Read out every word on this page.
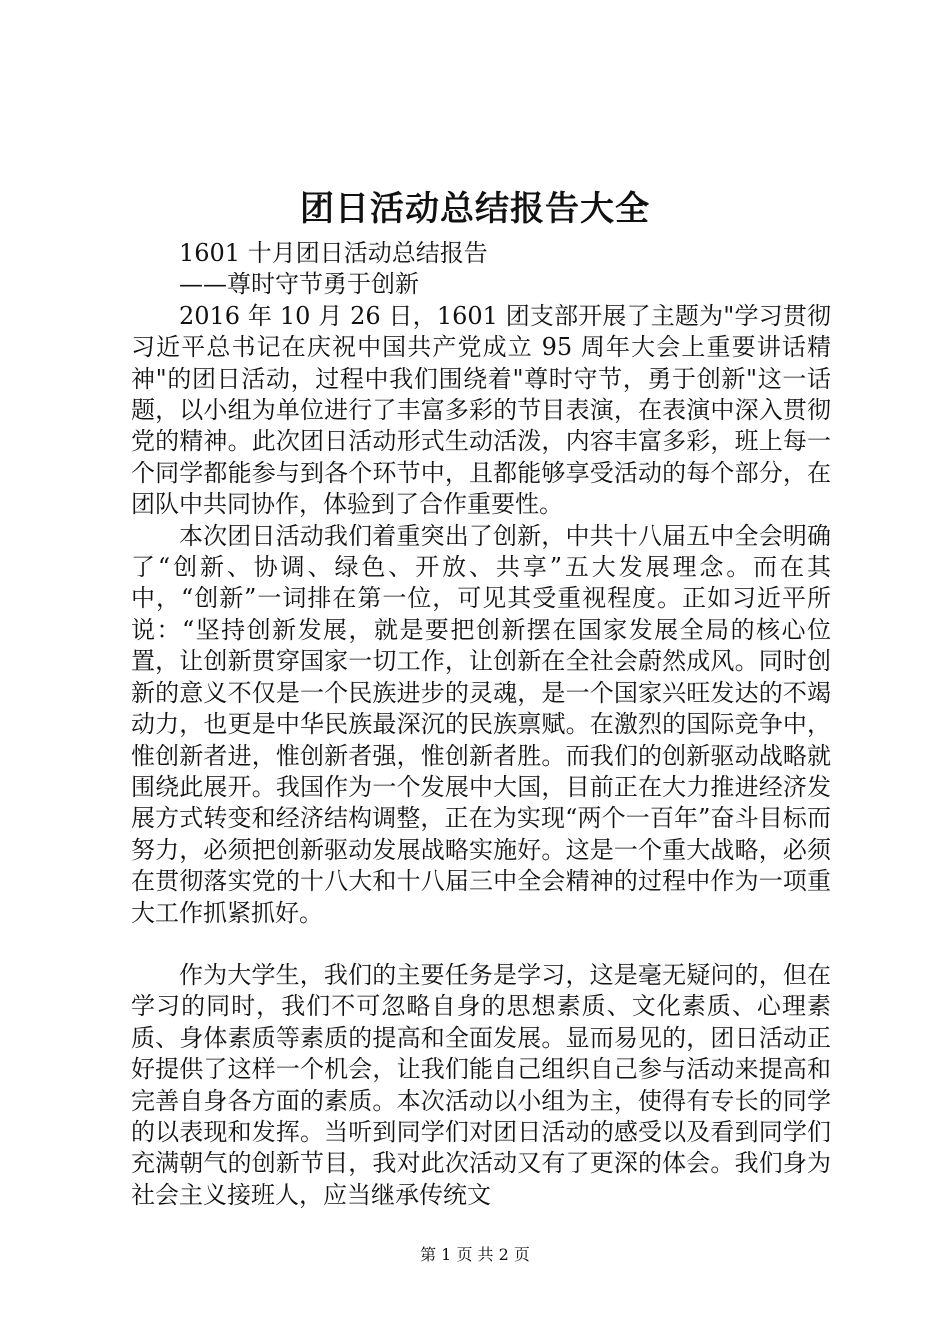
团日活动总结报告大全

1601 十月团日活动总结报告

——尊时守节勇于创新

2016 年 10 月 26 日，1601 团支部开展了主题为"学习贯彻习近平总书记在庆祝中国共产党成立 95 周年大会上重要讲话精神"的团日活动，过程中我们围绕着"尊时守节，勇于创新"这一话题，以小组为单位进行了丰富多彩的节目表演，在表演中深入贯彻党的精神。此次团日活动形式生动活泼，内容丰富多彩，班上每一个同学都能参与到各个环节中，且都能够享受活动的每个部分，在团队中共同协作，体验到了合作重要性。

本次团日活动我们着重突出了创新，中共十八届五中全会明确了“创新、协调、绿色、开放、共享”五大发展理念。而在其中，“创新”一词排在第一位，可见其受重视程度。正如习近平所说：“坚持创新发展，就是要把创新摆在国家发展全局的核心位置，让创新贯穿国家一切工作，让创新在全社会蔚然成风。同时创新的意义不仅是一个民族进步的灵魂，是一个国家兴旺发达的不竭动力，也更是中华民族最深沉的民族禀赋。在激烈的国际竞争中，惟创新者进，惟创新者强，惟创新者胜。而我们的创新驱动战略就围绕此展开。我国作为一个发展中大国，目前正在大力推进经济发展方式转变和经济结构调整，正在为实现“两个一百年”奋斗目标而努力，必须把创新驱动发展战略实施好。这是一个重大战略，必须在贯彻落实党的十八大和十八届三中全会精神的过程中作为一项重大工作抓紧抓好。

作为大学生，我们的主要任务是学习，这是毫无疑问的，但在学习的同时，我们不可忽略自身的思想素质、文化素质、心理素质、身体素质等素质的提高和全面发展。显而易见的，团日活动正好提供了这样一个机会，让我们能自己组织自己参与活动来提高和完善自身各方面的素质。本次活动以小组为主，使得有专长的同学的以表现和发挥。当听到同学们对团日活动的感受以及看到同学们充满朝气的创新节目，我对此次活动又有了更深的体会。我们身为社会主义接班人，应当继承传统文

第 1 页 共 2 页
